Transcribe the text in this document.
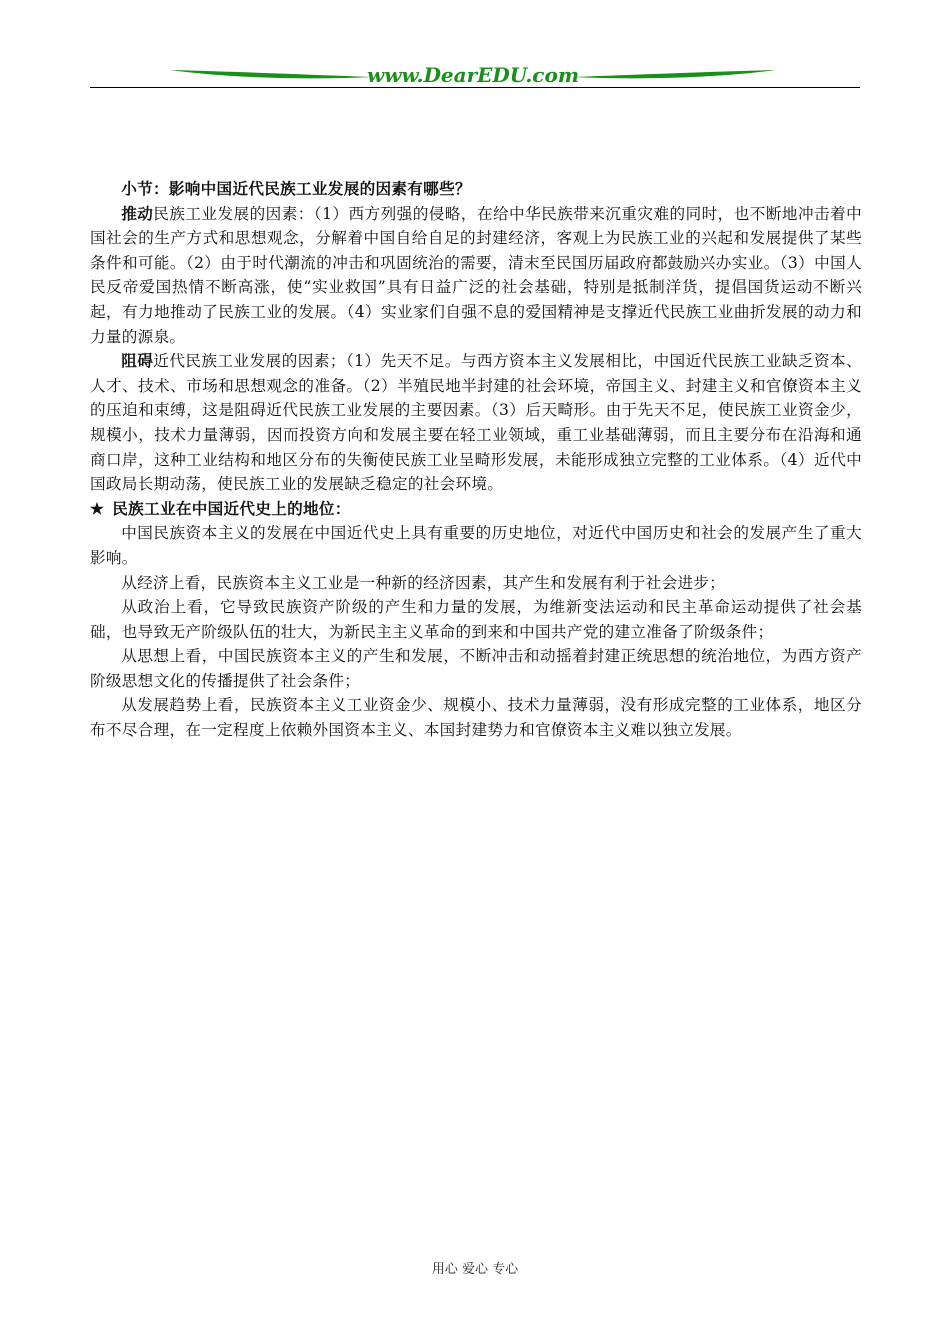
www.DearEDU.com

小节：影响中国近代民族工业发展的因素有哪些？

推动民族工业发展的因素：（1）西方列强的侵略，在给中华民族带来沉重灾难的同时，也不断地冲击着中国社会的生产方式和思想观念，分解着中国自给自足的封建经济，客观上为民族工业的兴起和发展提供了某些条件和可能。（2）由于时代潮流的冲击和巩固统治的需要，清末至民国历届政府都鼓励兴办实业。（3）中国人民反帝爱国热情不断高涨，使“实业救国”具有日益广泛的社会基础，特别是抵制洋货，提倡国货运动不断兴起，有力地推动了民族工业的发展。（4）实业家们自强不息的爱国精神是支撑近代民族工业曲折发展的动力和力量的源泉。

阻碍近代民族工业发展的因素；（1）先天不足。与西方资本主义发展相比，中国近代民族工业缺乏资本、人才、技术、市场和思想观念的准备。（2）半殖民地半封建的社会环境，帝国主义、封建主义和官僚资本主义的压迫和束缚，这是阻碍近代民族工业发展的主要因素。（3）后天畸形。由于先天不足，使民族工业资金少，规模小，技术力量薄弱，因而投资方向和发展主要在轻工业领域，重工业基础薄弱，而且主要分布在沿海和通商口岸，这种工业结构和地区分布的失衡使民族工业呈畸形发展，未能形成独立完整的工业体系。（4）近代中国政局长期动荡，使民族工业的发展缺乏稳定的社会环境。

★ 民族工业在中国近代史上的地位：

中国民族资本主义的发展在中国近代史上具有重要的历史地位，对近代中国历史和社会的发展产生了重大影响。

从经济上看，民族资本主义工业是一种新的经济因素，其产生和发展有利于社会进步；

从政治上看，它导致民族资产阶级的产生和力量的发展，为维新变法运动和民主革命运动提供了社会基础，也导致无产阶级队伍的壮大，为新民主主义革命的到来和中国共产党的建立准备了阶级条件；

从思想上看，中国民族资本主义的产生和发展，不断冲击和动摇着封建正统思想的统治地位，为西方资产阶级思想文化的传播提供了社会条件；

从发展趋势上看，民族资本主义工业资金少、规模小、技术力量薄弱，没有形成完整的工业体系，地区分布不尽合理，在一定程度上依赖外国资本主义、本国封建势力和官僚资本主义难以独立发展。

用心 爱心 专心
